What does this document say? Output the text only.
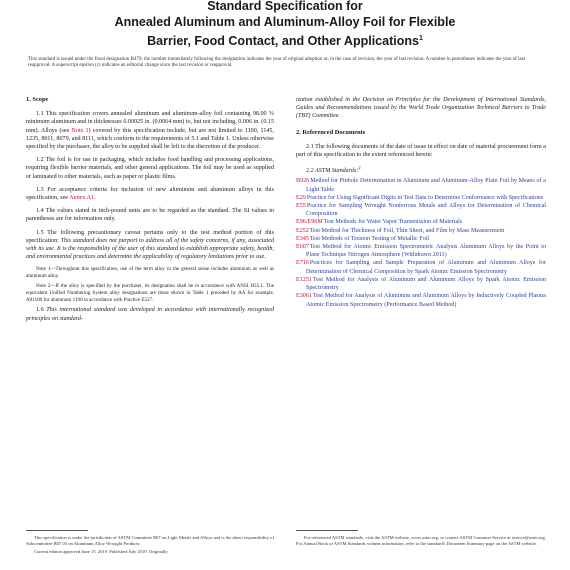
Standard Specification for
Annealed Aluminum and Aluminum-Alloy Foil for Flexible
Barrier, Food Contact, and Other Applications$^1$
This standard is issued under the fixed designation B479; the number immediately following the designation indicates the year of original adoption or, in the case of revision, the year of last revision. A number in parentheses indicates the year of last reapproval. A superscript epsilon (ε) indicates an editorial change since the last revision or reapproval.
1. Scope

1.1 This specification covers annealed aluminum and aluminum-alloy foil containing 98.00 % minimum aluminum and in thicknesses 0.00025 in. (0.0064 mm) to, but not including, 0.006 in. (0.15 mm). Alloys (see Note 1) covered by this specification include, but are not limited to 1100, 1145, 1235, 8011, 8079, and 8111, which conform to the requirements of 5.1 and Table 1. Unless otherwise specified by the purchaser, the alloy to be supplied shall be left to the discretion of the producer.

1.2 The foil is for use in packaging, which includes food handling and processing applications, requiring flexible barrier materials, and other general applications. The foil may be used as supplied or laminated to other materials, such as paper or plastic films.

1.3 For acceptance criteria for inclusion of new aluminum and aluminum alloys in this specification, see Annex A1.

1.4 The values stated in inch-pound units are to be regarded as the standard. The SI values in parentheses are for information only.

1.5 The following precautionary caveat pertains only to the test method portion of this specification: This standard does not purport to address all of the safety concerns, if any, associated with its use. It is the responsibility of the user of this standard to establish appropriate safety, health, and environmental practices and determine the applicability of regulatory limitations prior to use.

Note 1—Throughout this specification, use of the term alloy in the general sense includes aluminum as well as aluminum alloy.

Note 2—If the alloy is specified by the purchaser, its designation shall be in accordance with ANSI H35.1. The equivalent Unified Numbering System alloy designations are those shown in Table 1 preceded by AA for example, A91100 for aluminum 1100 in accordance with Practice E527.

1.6 This international standard was developed in accordance with internationally recognized principles on standard-

ization established in the Decision on Principles for the Development of International Standards, Guides and Recommendations issued by the World Trade Organization Technical Barriers to Trade (TBT) Committee.

2. Referenced Documents

2.1 The following documents of the date of issue in effect on date of material procurement form a part of this specification to the extent referenced herein:

2.2 ASTM Standards:$^2$

B926Method for Pinhole Determination in Aluminum and Aluminum-Alloy Plain Foil by Means of a Light Table
E29Practice for Using Significant Digits in Test Data to Determine Conformance with Specifications
E55Practice for Sampling Wrought Nonferrous Metals and Alloys for Determination of Chemical Composition
E96/E96MTest Methods for Water Vapor Transmission of Materials
E252Test Method for Thickness of Foil, Thin Sheet, and Film by Mass Measurement
E345Test Methods of Tension Testing of Metallic Foil
E607Test Method for Atomic Emission Spectrometric Analysis Aluminum Alloys by the Point to Plane Technique Nitrogen Atmosphere (Withdrawn 2011)
E716Practices for Sampling and Sample Preparation of Aluminum and Aluminum Alloys for Determination of Chemical Composition by Spark Atomic Emission Spectrometry
E1251Test Method for Analysis of Aluminum and Aluminum Alloys by Spark Atomic Emission Spectrometry
E3061Test Method for Analysis of Aluminum and Aluminum Alloys by Inductively Coupled Plasma Atomic Emission Spectrometry (Performance Based Method)

This specification is under the jurisdiction of ASTM Committee B07 on Light Metals and Alloys and is the direct responsibility of Subcommittee B07.03 on Aluminum Alloy Wrought Products.

Current edition approved June 15, 2019. Published July 2019. Originally

For referenced ASTM standards, visit the ASTM website, www.astm.org, or contact ASTM Customer Service at service@astm.org. For Annual Book of ASTM Standards volume information, refer to the standard's Document Summary page on the ASTM website.
